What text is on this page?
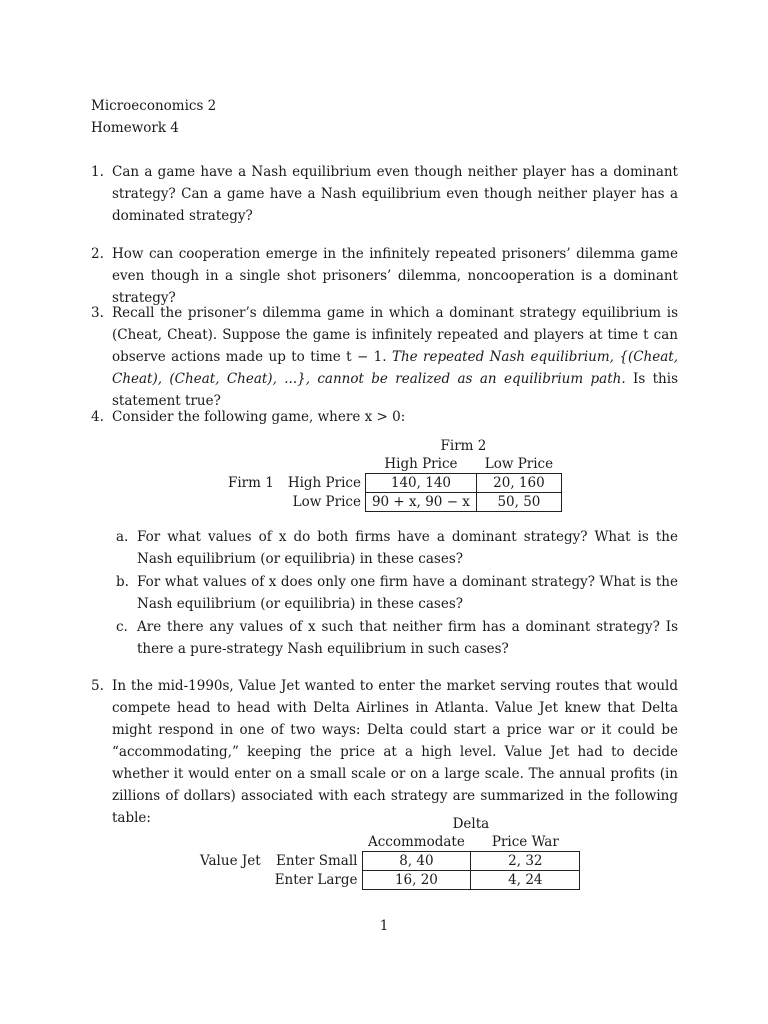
Microeconomics 2
Homework 4
1. Can a game have a Nash equilibrium even though neither player has a dominant strategy? Can a game have a Nash equilibrium even though neither player has a dominated strategy?
2. How can cooperation emerge in the infinitely repeated prisoners’ dilemma game even though in a single shot prisoners’ dilemma, noncooperation is a dominant strategy?
3. Recall the prisoner’s dilemma game in which a dominant strategy equilibrium is (Cheat, Cheat). Suppose the game is infinitely repeated and players at time t can observe actions made up to time t − 1. The repeated Nash equilibrium, {(Cheat, Cheat), (Cheat, Cheat), ...}, cannot be realized as an equilibrium path. Is this statement true?
4. Consider the following game, where x > 0:
		Firm 2	
		High Price	Low Price
Firm 1	High Price	140, 140	20, 160
	Low Price	90 + x, 90 − x	50, 50
a. For what values of x do both firms have a dominant strategy? What is the Nash equilibrium (or equilibria) in these cases?
b. For what values of x does only one firm have a dominant strategy? What is the Nash equilibrium (or equilibria) in these cases?
c. Are there any values of x such that neither firm has a dominant strategy? Is there a pure-strategy Nash equilibrium in such cases?
5. In the mid-1990s, Value Jet wanted to enter the market serving routes that would compete head to head with Delta Airlines in Atlanta. Value Jet knew that Delta might respond in one of two ways: Delta could start a price war or it could be “accommodating,” keeping the price at a high level. Value Jet had to decide whether it would enter on a small scale or on a large scale. The annual profits (in zillions of dollars) associated with each strategy are summarized in the following table:
			Delta	
		Accommodate	Price War
Value Jet	Enter Small	8, 40	2, 32
	Enter Large	16, 20	4, 24
1
